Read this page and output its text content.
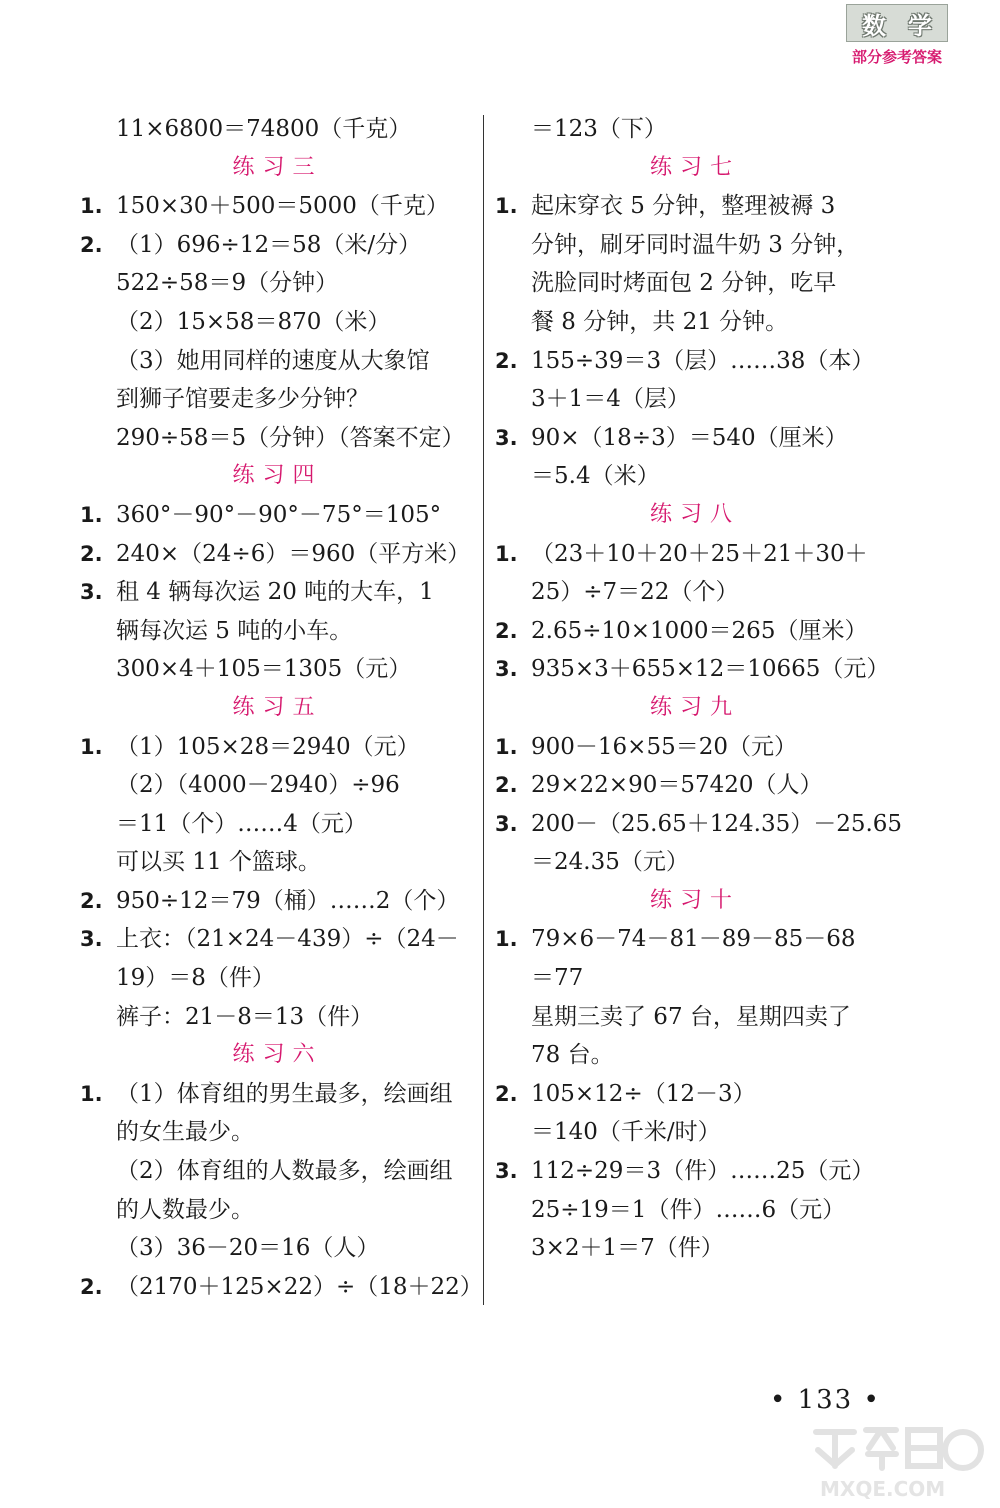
数 学
部分参考答案
11×6800＝74800（千克）
练习三
1. 150×30＋500＝5000（千克）
2. （1）696÷12＝58（米/分）
522÷58＝9（分钟）
（2）15×58＝870（米）
（3）她用同样的速度从大象馆
到狮子馆要走多少分钟？
290÷58＝5（分钟）（答案不定）
练习四
1. 360°－90°－90°－75°＝105°
2. 240×（24÷6）＝960（平方米）
3. 租 4 辆每次运 20 吨的大车，1
辆每次运 5 吨的小车。
300×4＋105＝1305（元）
练习五
1. （1）105×28＝2940（元）
（2）（4000－2940）÷96
＝11（个）……4（元）
可以买 11 个篮球。
2. 950÷12＝79（桶）……2（个）
3. 上衣：（21×24－439）÷（24－
19）＝8（件）
裤子：21－8＝13（件）
练习六
1. （1）体育组的男生最多，绘画组
的女生最少。
（2）体育组的人数最多，绘画组
的人数最少。
（3）36－20＝16（人）
2. （2170＋125×22）÷（18＋22）
＝123（下）
练习七
1. 起床穿衣 5 分钟，整理被褥 3
分钟，刷牙同时温牛奶 3 分钟，
洗脸同时烤面包 2 分钟，吃早
餐 8 分钟，共 21 分钟。
2. 155÷39＝3（层）……38（本）
3＋1＝4（层）
3. 90×（18÷3）＝540（厘米）
＝5.4（米）
练习八
1. （23＋10＋20＋25＋21＋30＋
25）÷7＝22（个）
2. 2.65÷10×1000＝265（厘米）
3. 935×3＋655×12＝10665（元）
练习九
1. 900－16×55＝20（元）
2. 29×22×90＝57420（人）
3. 200－（25.65＋124.35）－25.65
＝24.35（元）
练习十
1. 79×6－74－81－89－85－68
＝77
星期三卖了 67 台，星期四卖了
78 台。
2. 105×12÷（12－3）
＝140（千米/时）
3. 112÷29＝3（件）……25（元）
25÷19＝1（件）……6（元）
3×2＋1＝7（件）
• 133 •
MXQE.COM
